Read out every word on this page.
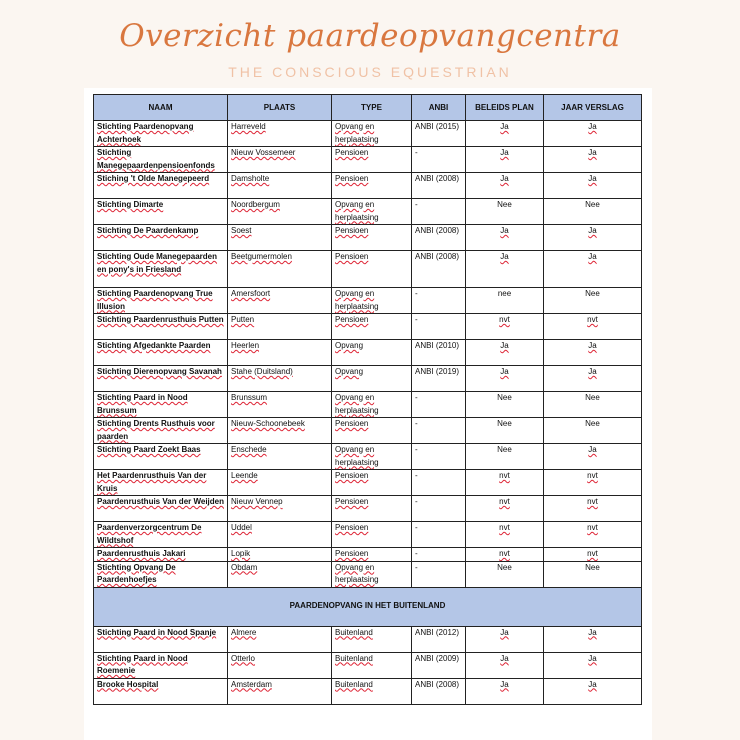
Overzicht paardeopvangcentra
THE CONSCIOUS EQUESTRIAN
NAAM	PLAATS	TYPE	ANBI	BELEIDS PLAN	JAAR VERSLAG
Stichting Paardenopvang Achterhoek	Harreveld	Opvang en herplaatsing	ANBI (2015)	Ja	Ja
Stichting Manegepaardenpensioenfonds	Nieuw Vossemeer	Pensioen	-	Ja	Ja
Stiching 't Olde Manegepeerd	Damsholte	Pensioen	ANBI (2008)	Ja	Ja
Stichting Dimarte	Noordbergum	Opvang en herplaatsing	-	Nee	Nee
Stichting De Paardenkamp	Soest	Pensioen	ANBI (2008)	Ja	Ja
Stichting Oude Manegepaarden en pony's in Friesland	Beetgumermolen	Pensioen	ANBI (2008)	Ja	Ja
Stichting Paardenopvang True Illusion	Amersfoort	Opvang en herplaatsing	-	nee	Nee
Stichting Paardenrusthuis Putten	Putten	Pensioen	-	nvt	nvt
Stichting Afgedankte Paarden	Heerlen	Opvang	ANBI (2010)	Ja	Ja
Stichting Dierenopvang Savanah	Stahe (Duitsland)	Opvang	ANBI (2019)	Ja	Ja
Stichting Paard in Nood Brunssum	Brunssum	Opvang en herplaatsing	-	Nee	Nee
Stichting Drents Rusthuis voor paarden	Nieuw-Schoonebeek	Pensioen	-	Nee	Nee
Stichting Paard Zoekt Baas	Enschede	Opvang en herplaatsing	-	Nee	Ja
Het Paardenrusthuis Van der Kruis	Leende	Pensioen	-	nvt	nvt
Paardenrusthuis Van der Weijden	Nieuw Vennep	Pensioen	-	nvt	nvt
Paardenverzorgcentrum De Wildtshof	Uddel	Pensioen	-	nvt	nvt
Paardenrusthuis Jakari	Lopik	Pensioen	-	nvt	nvt
Stichting Opvang De Paardenhoefjes	Obdam	Opvang en herplaatsing	-	Nee	Nee
PAARDENOPVANG IN HET BUITENLAND					
Stichting Paard in Nood Spanje	Almere	Buitenland	ANBI (2012)	Ja	Ja
Stichting Paard in Nood Roemenie	Otterlo	Buitenland	ANBI (2009)	Ja	Ja
Brooke Hospital	Amsterdam	Buitenland	ANBI (2008)	Ja	Ja
